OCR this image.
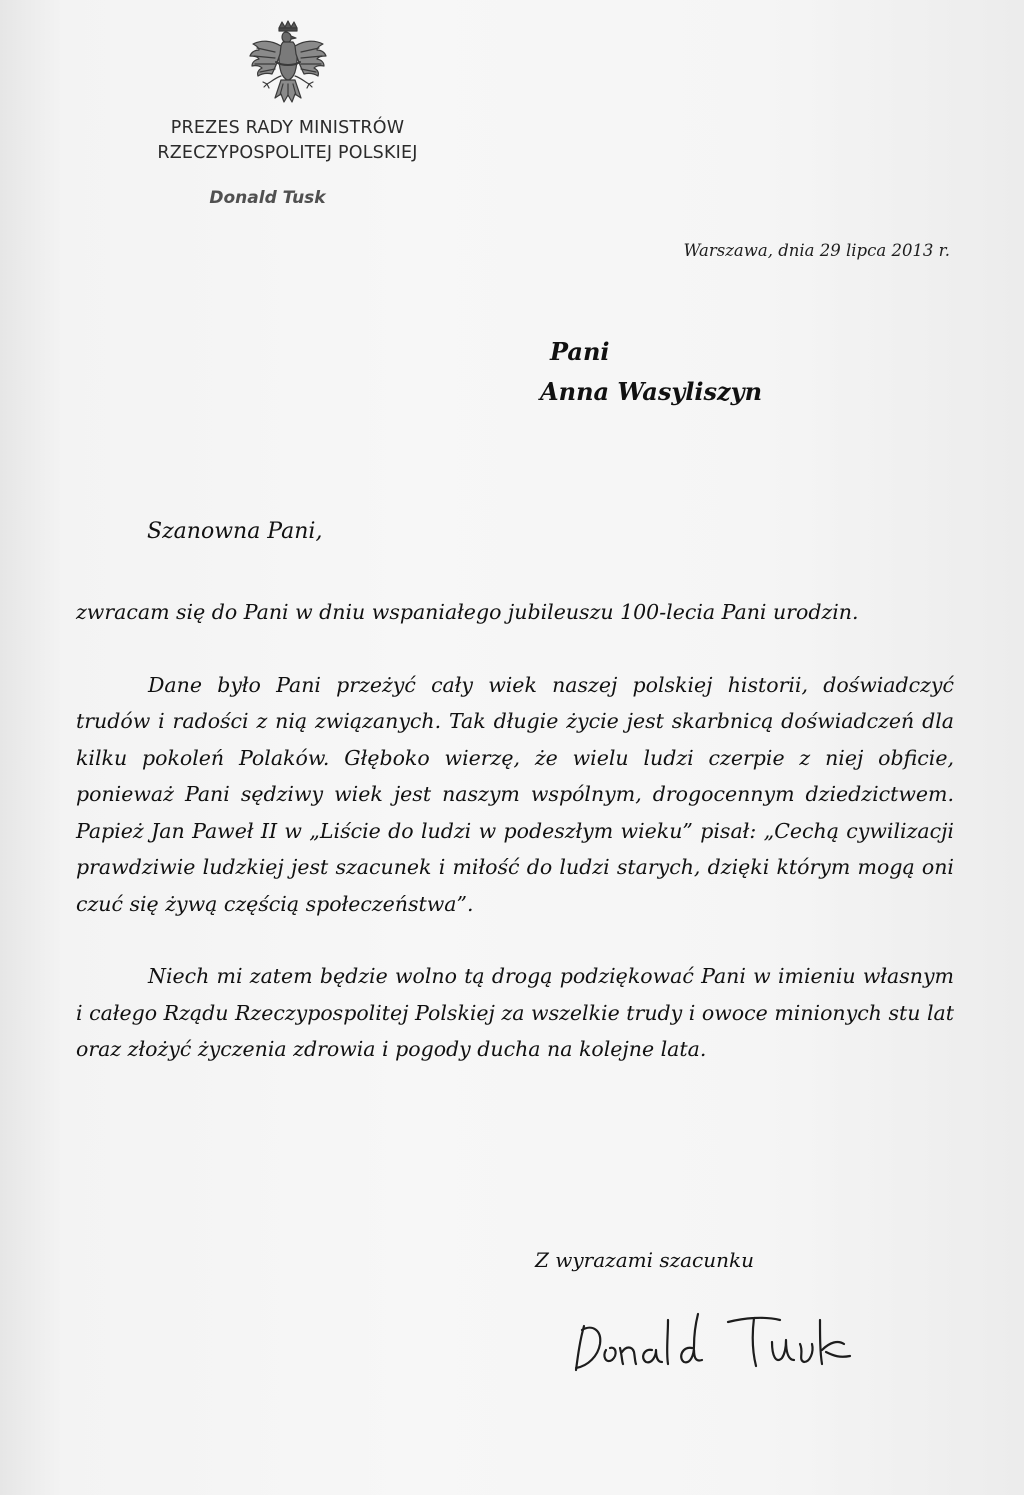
PREZES RADY MINISTRÓW
RZECZYPOSPOLITEJ POLSKIEJ
Donald Tusk
Warszawa, dnia 29 lipca 2013 r.
Pani
Anna Wasyliszyn
Szanowna Pani,

zwracam się do Pani w dniu wspaniałego jubileuszu 100-lecia Pani urodzin.

Dane było Pani przeżyć cały wiek naszej polskiej historii, doświadczyć trudów i radości z nią związanych. Tak długie życie jest skarbnicą doświadczeń dla kilku pokoleń Polaków. Głęboko wierzę, że wielu ludzi czerpie z niej obficie, ponieważ Pani sędziwy wiek jest naszym wspólnym, drogocennym dziedzictwem. Papież Jan Paweł II w „Liście do ludzi w podeszłym wieku” pisał: „Cechą cywilizacji prawdziwie ludzkiej jest szacunek i miłość do ludzi starych, dzięki którym mogą oni czuć się żywą częścią społeczeństwa”.

Niech mi zatem będzie wolno tą drogą podziękować Pani w imieniu własnym i całego Rządu Rzeczypospolitej Polskiej za wszelkie trudy i owoce minionych stu lat oraz złożyć życzenia zdrowia i pogody ducha na kolejne lata.

Z wyrazami szacunku
